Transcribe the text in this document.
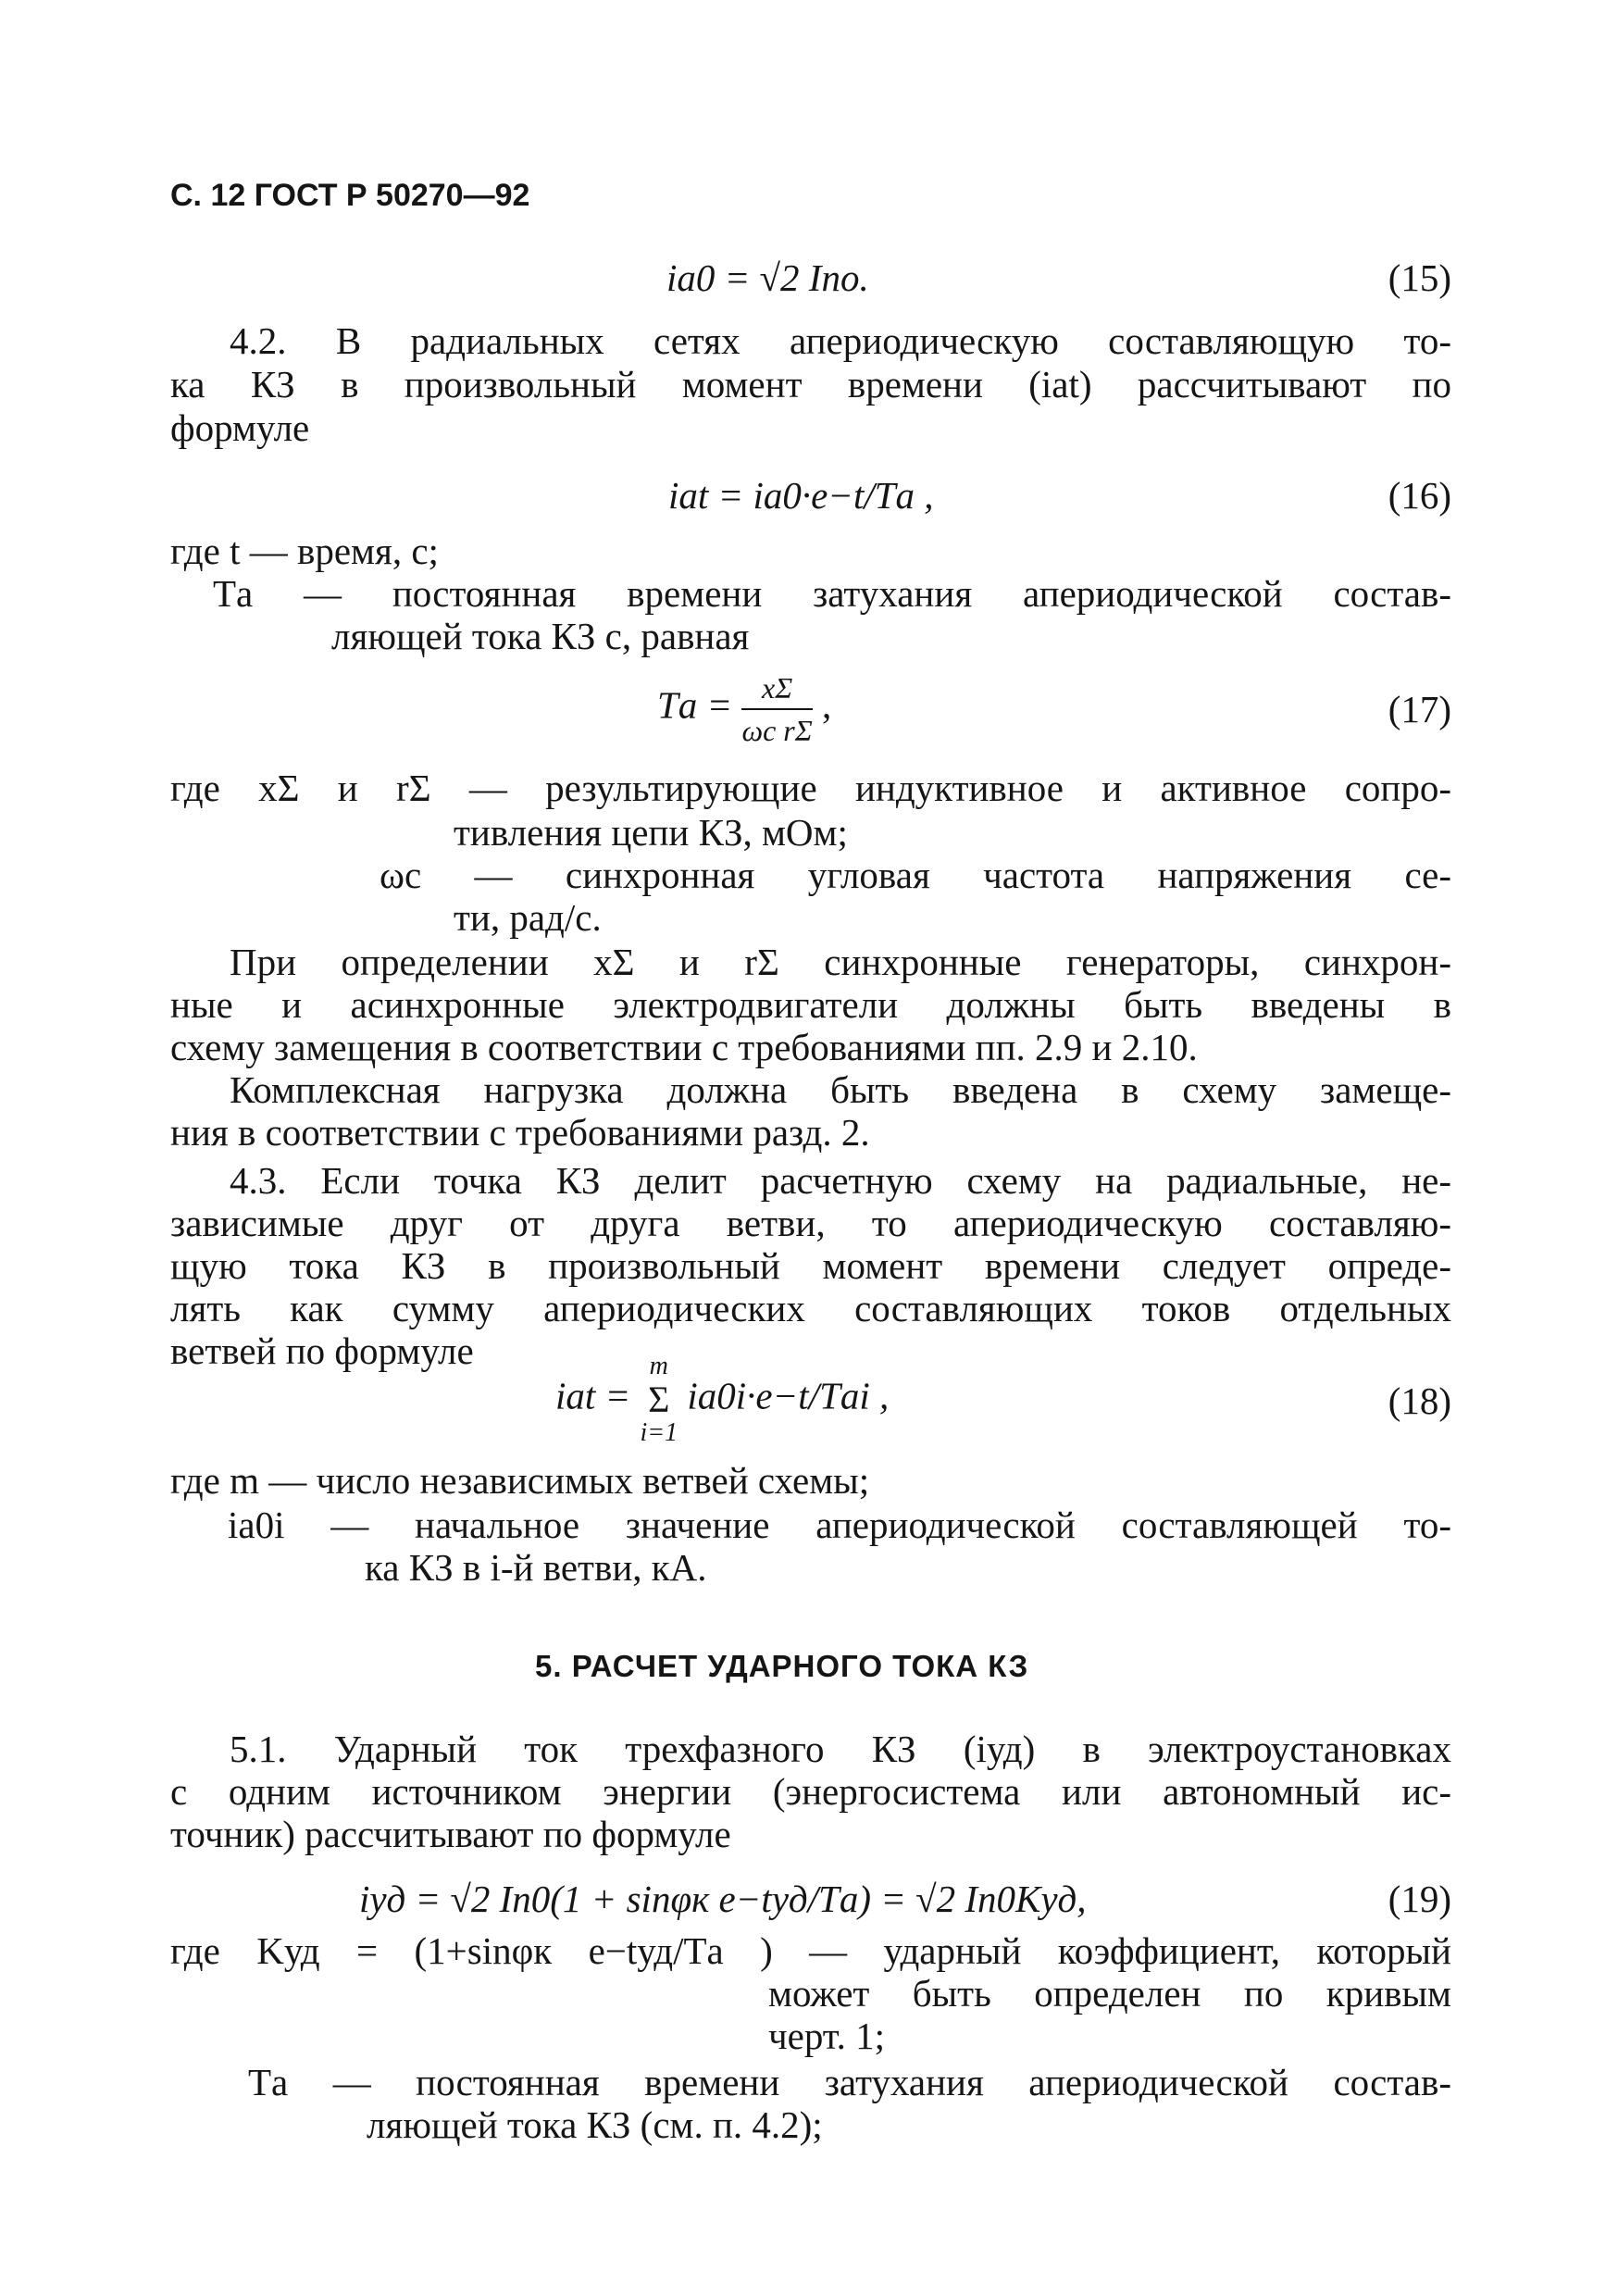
С. 12 ГОСТ Р 50270—92
iа0 = √2 Iпо.	(15)
4.2. В радиальных сетях апериодическую составляющую то-
ка КЗ в произвольный момент времени (iаt) рассчитывают по
формуле
iаt = iа0·e−t/Tа ,	(16)
где t — время, с;
Tа — постоянная времени затухания апериодической состав-
ляющей тока КЗ с, равная
Tа = $\frac{x\Sigma}{\text{ωс rΣ}}$ ,	(17)
где xΣ и rΣ — результирующие индуктивное и активное сопро-
тивления цепи КЗ, мОм;
ωс — синхронная угловая частота напряжения се-
ти, рад/с.
При определении xΣ и rΣ синхронные генераторы, синхрон-
ные и асинхронные электродвигатели должны быть введены в
схему замещения в соответствии с требованиями пп. 2.9 и 2.10.
Комплексная нагрузка должна быть введена в схему замеще-
ния в соответствии с требованиями разд. 2.
4.3. Если точка КЗ делит расчетную схему на радиальные, не-
зависимые друг от друга ветви, то апериодическую составляю-
щую тока КЗ в произвольный момент времени следует опреде-
лять как сумму апериодических составляющих токов отдельных
ветвей по формуле
iаt =
m
Σ
i=1
iа0i·e−t/Tаi ,	(18)
где m — число независимых ветвей схемы;
iа0i — начальное значение апериодической составляющей то-
ка КЗ в i-й ветви, кА.
5. РАСЧЕТ УДАРНОГО ТОКА КЗ
5.1. Ударный ток трехфазного КЗ (iуд) в электроустановках
с одним источником энергии (энергосистема или автономный ис-
точник) рассчитывают по формуле
iуд = √2 Iп0(1 + sinφк e−tуд/Tа) = √2 Iп0Kуд,	(19)
где Kуд = (1+sinφк e−tуд/Tа ) — ударный коэффициент, который
может быть определен по кривым
черт. 1;
Tа — постоянная времени затухания апериодической состав-
ляющей тока КЗ (см. п. 4.2);
